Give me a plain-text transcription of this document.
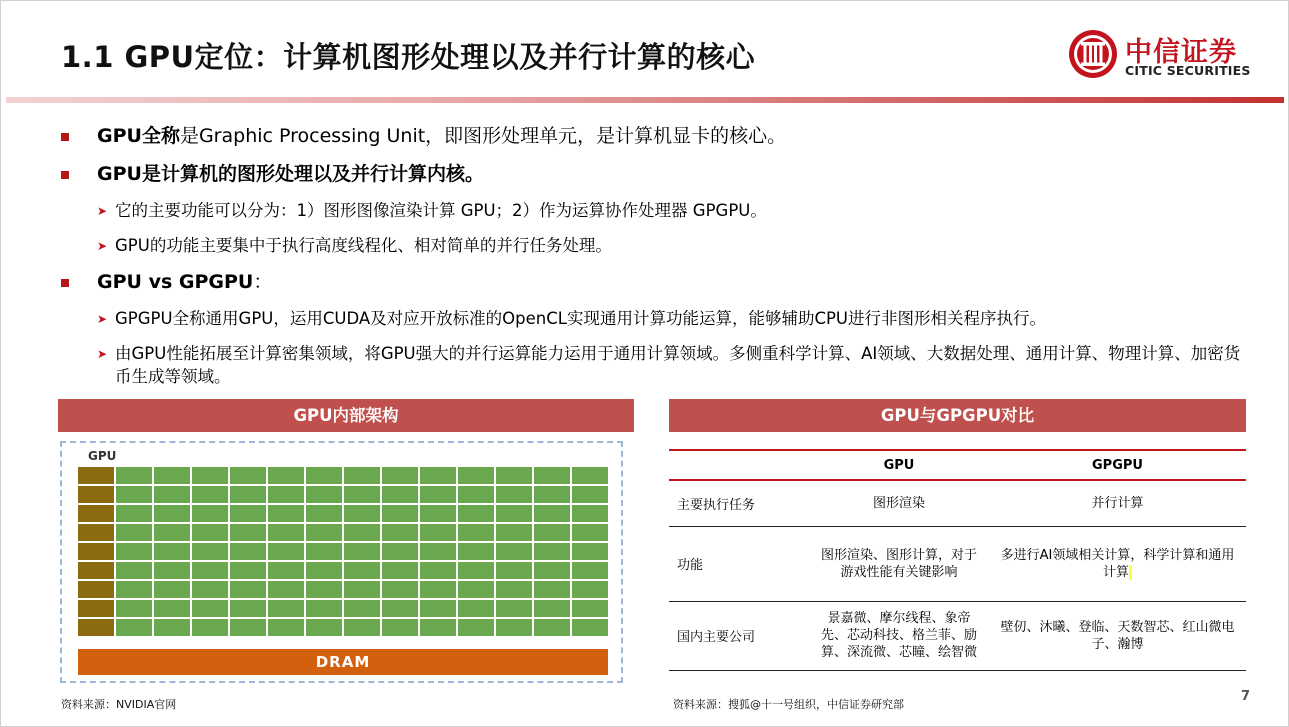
1.1 GPU定位：计算机图形处理以及并行计算的核心	中信证券
CITIC SECURITIES
GPU全称是Graphic Processing Unit，即图形处理单元，是计算机显卡的核心。
GPU是计算机的图形处理以及并行计算内核。
➤ 它的主要功能可以分为：1）图形图像渲染计算 GPU；2）作为运算协作处理器 GPGPU。
➤ GPU的功能主要集中于执行高度线程化、相对简单的并行任务处理。
GPU vs GPGPU：
➤ GPGPU全称通用GPU，运用CUDA及对应开放标准的OpenCL实现通用计算功能运算，能够辅助CPU进行非图形相关程序执行。
➤ 由GPU性能拓展至计算密集领域，将GPU强大的并行运算能力运用于通用计算领域。多侧重科学计算、AI领域、大数据处理、通用计算、物理计算、加密货币生成等领域。
GPU内部架构	GPU与GPGPU对比
GPU
DRAM
	GPU	GPGPU
主要执行任务	图形渲染	并行计算
功能	图形渲染、图形计算，对于游戏性能有关键影响	多进行AI领域相关计算，科学计算和通用计算
国内主要公司	景嘉微、摩尔线程、象帝先、芯动科技、格兰菲、励算、深流微、芯瞳、绘智微	壁仞、沐曦、登临、天数智芯、红山微电子、瀚博
资料来源：NVIDIA官网	资料来源：搜狐@十一号组织，中信证券研究部
7
